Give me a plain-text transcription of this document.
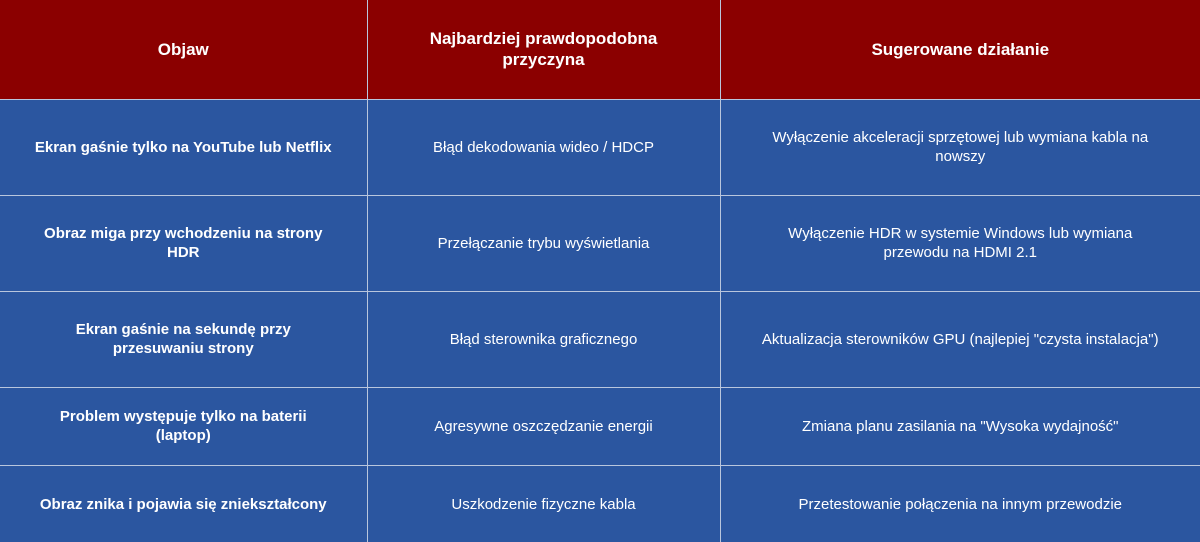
Objaw	Najbardziej prawdopodobna przyczyna	Sugerowane działanie
Ekran gaśnie tylko na YouTube lub Netflix	Błąd dekodowania wideo / HDCP	Wyłączenie akceleracji sprzętowej lub wymiana kabla na nowszy
Obraz miga przy wchodzeniu na strony HDR	Przełączanie trybu wyświetlania	Wyłączenie HDR w systemie Windows lub wymiana przewodu na HDMI 2.1
Ekran gaśnie na sekundę przy przesuwaniu strony	Błąd sterownika graficznego	Aktualizacja sterowników GPU (najlepiej "czysta instalacja")
Problem występuje tylko na baterii (laptop)	Agresywne oszczędzanie energii	Zmiana planu zasilania na "Wysoka wydajność"
Obraz znika i pojawia się zniekształcony	Uszkodzenie fizyczne kabla	Przetestowanie połączenia na innym przewodzie
